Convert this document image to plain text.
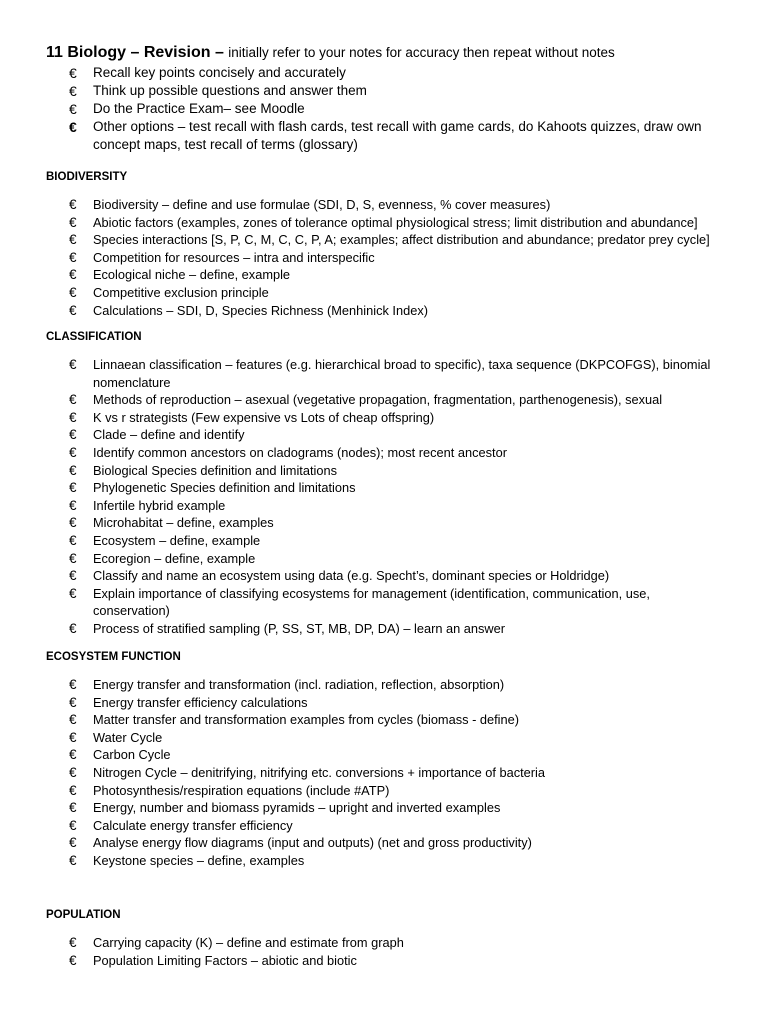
11 Biology – Revision – initially refer to your notes for accuracy then repeat without notes
€ Recall key points concisely and accurately
€ Think up possible questions and answer them
€ Do the Practice Exam– see Moodle
€ Other options – test recall with flash cards, test recall with game cards, do Kahoots quizzes, draw own concept maps, test recall of terms (glossary)
BIODIVERSITY
€ Biodiversity – define and use formulae (SDI, D, S, evenness, % cover measures)
€ Abiotic factors (examples, zones of tolerance optimal physiological stress; limit distribution and abundance]
€ Species interactions [S, P, C, M, C, C, P, A; examples; affect distribution and abundance; predator prey cycle]
€ Competition for resources – intra and interspecific
€ Ecological niche – define, example
€ Competitive exclusion principle
€ Calculations – SDI, D, Species Richness (Menhinick Index)
CLASSIFICATION
€ Linnaean classification – features (e.g. hierarchical broad to specific), taxa sequence (DKPCOFGS), binomial nomenclature
€ Methods of reproduction – asexual (vegetative propagation, fragmentation, parthenogenesis), sexual
€ K vs r strategists (Few expensive vs Lots of cheap offspring)
€ Clade – define and identify
€ Identify common ancestors on cladograms (nodes); most recent ancestor
€ Biological Species definition and limitations
€ Phylogenetic Species definition and limitations
€ Infertile hybrid example
€ Microhabitat – define, examples
€ Ecosystem – define, example
€ Ecoregion – define, example
€ Classify and name an ecosystem using data (e.g. Specht’s, dominant species or Holdridge)
€ Explain importance of classifying ecosystems for management (identification, communication, use, conservation)
€ Process of stratified sampling (P, SS, ST, MB, DP, DA) – learn an answer
ECOSYSTEM FUNCTION
€ Energy transfer and transformation (incl. radiation, reflection, absorption)
€ Energy transfer efficiency calculations
€ Matter transfer and transformation examples from cycles (biomass - define)
€ Water Cycle
€ Carbon Cycle
€ Nitrogen Cycle – denitrifying, nitrifying etc. conversions + importance of bacteria
€ Photosynthesis/respiration equations (include #ATP)
€ Energy, number and biomass pyramids – upright and inverted examples
€ Calculate energy transfer efficiency
€ Analyse energy flow diagrams (input and outputs) (net and gross productivity)
€ Keystone species – define, examples
POPULATION
€ Carrying capacity (K) – define and estimate from graph
€ Population Limiting Factors – abiotic and biotic
